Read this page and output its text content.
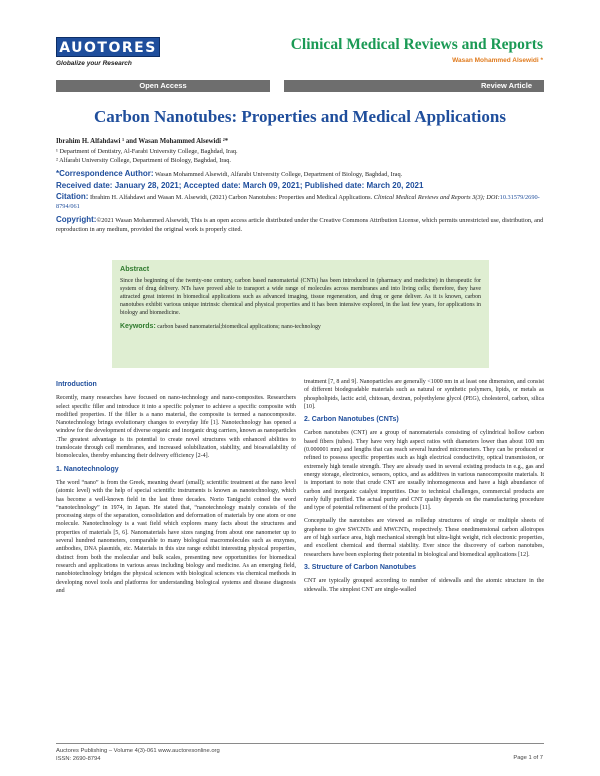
AUOTORES
Globalize your Research
Clinical Medical Reviews and Reports
Wasan Mohammed Alsewidi *
Open Access	Review Article
Carbon Nanotubes: Properties and Medical Applications
Ibrahim H. Alfahdawi ¹ and Wasan Mohammed Alsewidi ²*
¹ Department of Dentistry, Al-Farabi University College, Baghdad, Iraq.
² Alfarabi University College, Department of Biology, Baghdad, Iraq.
*Correspondence Author: Wasan Mohammed Alsewidi, Alfarabi University College, Department of Biology, Baghdad, Iraq.
Received date: January 28, 2021; Accepted date: March 09, 2021; Published date: March 20, 2021
Citation: Ibrahim H. Alfahdawi and Wasan M. Alsewidi, (2021) Carbon Nanotubes: Properties and Medical Applications. Clinical Medical Reviews and Reports 3(3); DOI:10.31579/2690-8794/061
Copyright:©2021 Wasan Mohammed Alsewidi, This is an open access article distributed under the Creative Commons Attribution License, which permits unrestricted use, distribution, and reproduction in any medium, provided the original work is properly cited.
Abstract
Since the beginning of the twenty-one century, carbon based nanomaterial (CNTs) has been introduced in (pharmacy and medicine) in therapeutic for system of drug delivery. NTs have proved able to transport a wide range of molecules across membranes and into living cells; therefore, they have attracted great interest in biomedical applications such as advanced imaging, tissue regeneration, and drug or gene deliver. As it is known, carbon nanotubes exhibit various unique intrinsic chemical and physical properties and it has been intensive explored, in the last few years, for applications in biology and biomedicine.
Keywords: carbon based nanomaterial;biomedical applications; nano-technology
Introduction

Recently, many researches have focused on nano-technology and nano-composites. Researchers select specific filler and introduce it into a specific polymer to achieve a specific composite with modified properties. If the filler is a nano material, the composite is termed a nanocomposite. Nanotechnology brings evolutionary changes to everyday life [1]. Nanotechnology has opened a window for the development of diverse organic and inorganic drug carriers, known as nanoparticles .The greatest advantage is its potential to create novel structures with enhanced abilities to translocate through cell membranes, and increased solubilization, stability, and bioavailability of biomolecules, thereby enhancing their delivery efficiency [2-4].

1. Nanotechnology

The word “nano” is from the Greek, meaning dwarf (small); scientific treatment at the nano level (atomic level) with the help of special scientific instruments is known as nanotechnology, which has become a well-known field in the last three decades. Norio Taniguchi coined the word “nanotechnology” in 1974, in Japan. He stated that, “nanotechnology mainly consists of the processing steps of the separation, consolidation and deformation of materials by one atom or one molecule. Nanotechnology is a vast field which explores many facts about the structures and properties of materials [5, 6]. Nanomaterials have sizes ranging from about one nanometer up to several hundred nanometers, comparable to many biological macromolecules such as enzymes, antibodies, DNA plasmids, etc. Materials in this size range exhibit interesting physical properties, distinct from both the molecular and bulk scales, presenting new opportunities for biomedical research and applications in various areas including biology and medicine. As an emerging field, nanobiotechnology bridges the physical sciences with biological sciences via chemical methods in developing novel tools and platforms for understanding biological systems and disease diagnosis and

treatment [7, 8 and 9]. Nanoparticles are generally <1000 nm in at least one dimension, and consist of different biodegradable materials such as natural or synthetic polymers, lipids, or metals as phospholipids, lactic acid, chitosan, dextran, polyethylene glycol (PEG), cholesterol, carbon, silica [10].

2. Carbon Nanotubes (CNTs)

Carbon nanotubes (CNT) are a group of nanomaterials consisting of cylindrical hollow carbon based fibers (tubes). They have very high aspect ratios with diameters lower than about 100 nm (0.000001 mm) and lengths that can reach several hundred micrometers. They can be produced or refined to possess specific properties such as high electrical conductivity, optical transmission, or extremely high tensile strength. They are already used in several existing products in e.g., gas and energy storage, electronics, sensors, optics, and as additives in various nanocomposite materials. It is important to note that crude CNT are usually inhomogeneous and have a high abundance of carbon and inorganic catalyst impurities. Due to technical challenges, commercial products are rarely fully purified. The actual purity and CNT quality depends on the manufacturing procedure and type of potential refinement of the products [11].

Conceptually the nanotubes are viewed as rolledup structures of single or multiple sheets of graphene to give SWCNTs and MWCNTs, respectively. These onedimensional carbon allotropes are of high surface area, high mechanical strength but ultra-light weight, rich electronic properties, and excellent chemical and thermal stability. Ever since the discovery of carbon nanotubes, researchers have been exploring their potential in biological and biomedical applications [12].

3. Structure of Carbon Nanotubes

CNT are typically grouped according to number of sidewalls and the atomic structure in the sidewalls. The simplest CNT are single-walled

Auctores Publishing – Volume 4(3)-061 www.auctoresonline.org
ISSN: 2690-8794	Page 1 of 7
